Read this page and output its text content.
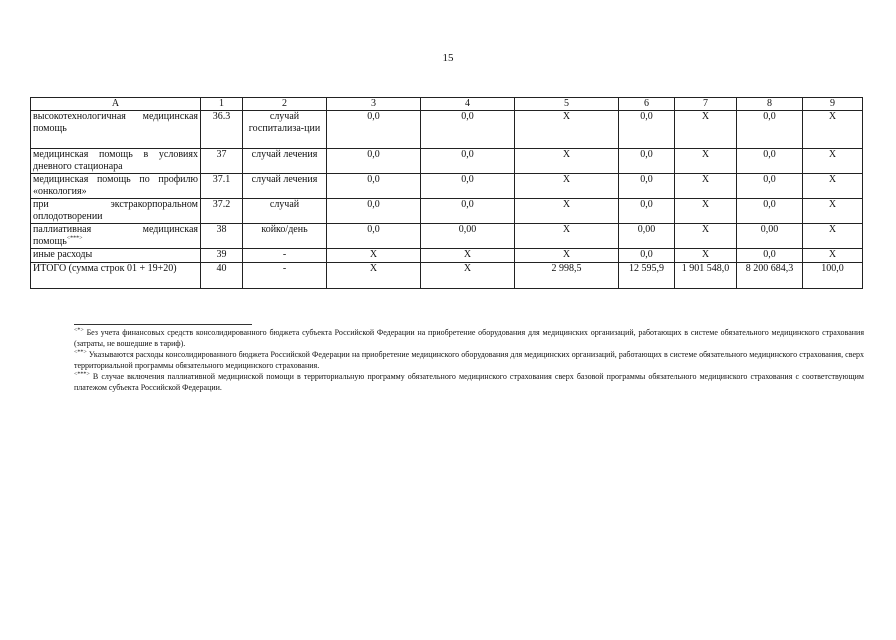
15
А	1	2	3	4	5	6	7	8	9
высокотехнологичная медицинская помощь	36.3	случай госпитализа-ции	0,0	0,0	Х	0,0	Х	0,0	Х
медицинская помощь в условиях дневного стационара	37	случай лечения	0,0	0,0	Х	0,0	Х	0,0	Х
медицинская помощь по профилю «онкология»	37.1	случай лечения	0,0	0,0	Х	0,0	Х	0,0	Х
при экстракорпоральном оплодотворении	37.2	случай	0,0	0,0	Х	0,0	Х	0,0	Х
паллиативная медицинская помощь<***>	38	койко/день	0,0	0,00	Х	0,00	Х	0,00	Х
иные расходы	39	-	Х	Х	Х	0,0	Х	0,0	Х
ИТОГО (сумма строк 01 + 19+20)	40	-	Х	Х	2 998,5	12 595,9	1 901 548,0	8 200 684,3	100,0

<*> Без учета финансовых средств консолидированного бюджета субъекта Российской Федерации на приобретение оборудования для медицинских организаций, работающих в системе обязательного медицинского страхования (затраты, не вошедшие в тариф).

<**> Указываются расходы консолидированного бюджета Российской Федерации на приобретение медицинского оборудования для медицинских организаций, работающих в системе обязательного медицинского страхования, сверх территориальной программы обязательного медицинского страхования.

<***> В случае включения паллиативной медицинской помощи в территориальную программу обязательного медицинского страхования сверх базовой программы обязательного медицинского страхования с соответствующим платежом субъекта Российской Федерации.
